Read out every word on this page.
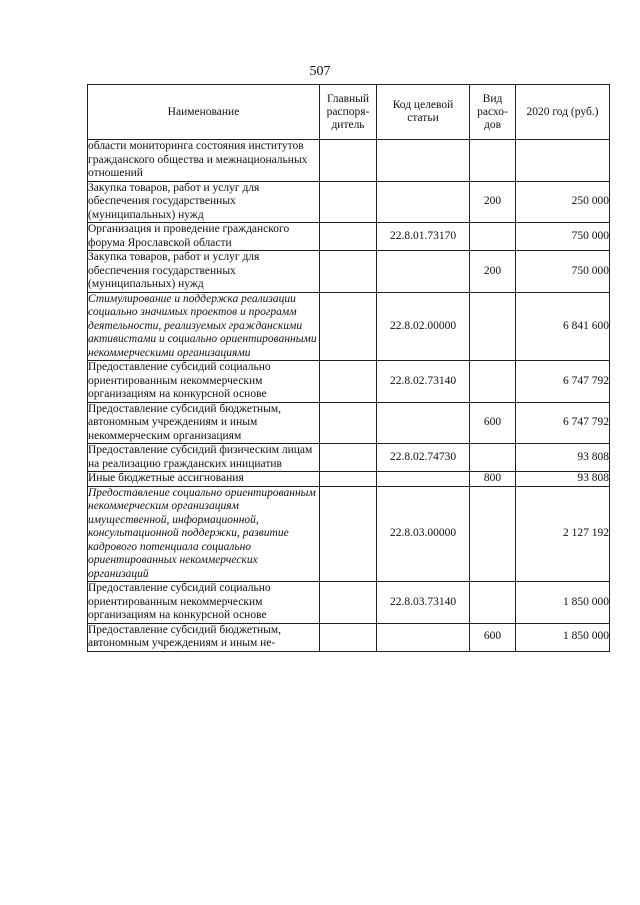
507
Наименование	Главный распоря-дитель	Код целевой статьи	Вид расхо-дов	2020 год (руб.)
области мониторинга состояния институтов гражданского общества и межнациональных отношений				
Закупка товаров, работ и услуг для обеспечения государственных (муниципальных) нужд			200	250 000
Организация и проведение гражданского форума Ярославской области		22.8.01.73170		750 000
Закупка товаров, работ и услуг для обеспечения государственных (муниципальных) нужд			200	750 000
Стимулирование и поддержка реализации социально значимых проектов и программ деятельности, реализуемых гражданскими активистами и социально ориентированными некоммерческими организациями		22.8.02.00000		6 841 600
Предоставление субсидий социально ориентированным некоммерческим организациям на конкурсной основе		22.8.02.73140		6 747 792
Предоставление субсидий бюджетным, автономным учреждениям и иным некоммерческим организациям			600	6 747 792
Предоставление субсидий физическим лицам на реализацию гражданских инициатив		22.8.02.74730		93 808
Иные бюджетные ассигнования			800	93 808
Предоставление социально ориентированным некоммерческим организациям имущественной, информационной, консультационной поддержки, развитие кадрового потенциала социально ориентированных некоммерческих организаций		22.8.03.00000		2 127 192
Предоставление субсидий социально ориентированным некоммерческим организациям на конкурсной основе		22.8.03.73140		1 850 000
Предоставление субсидий бюджетным, автономным учреждениям и иным не-			600	1 850 000
